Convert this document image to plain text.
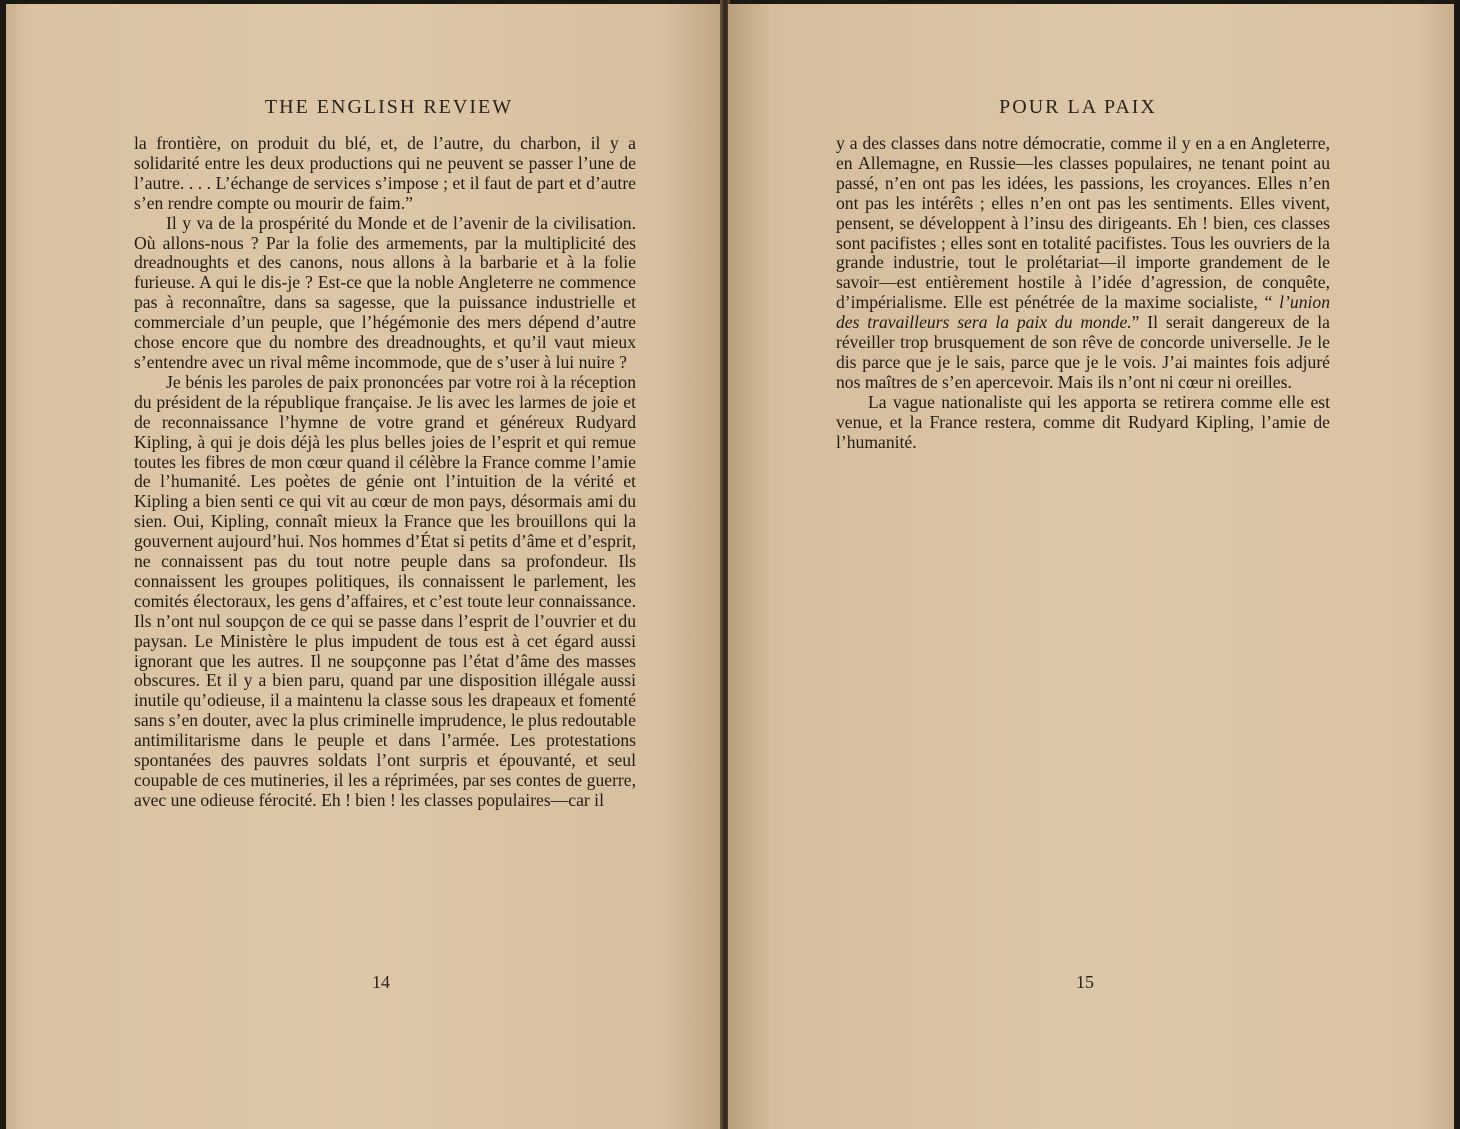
THE ENGLISH REVIEW

la frontière, on produit du blé, et, de l’autre, du charbon, il y a solidarité entre les deux productions qui ne peuvent se passer l’une de l’autre. . . . L’échange de services s’impose ; et il faut de part et d’autre s’en rendre compte ou mourir de faim.”

Il y va de la prospérité du Monde et de l’avenir de la civilisation. Où allons-nous ? Par la folie des armements, par la multiplicité des dreadnoughts et des canons, nous allons à la barbarie et à la folie furieuse. A qui le dis-je ? Est-ce que la noble Angleterre ne commence pas à reconnaître, dans sa sagesse, que la puissance industrielle et commerciale d’un peuple, que l’hégémonie des mers dépend d’autre chose encore que du nombre des dreadnoughts, et qu’il vaut mieux s’entendre avec un rival même incommode, que de s’user à lui nuire ?

Je bénis les paroles de paix prononcées par votre roi à la réception du président de la république française. Je lis avec les larmes de joie et de reconnaissance l’hymne de votre grand et généreux Rudyard Kipling, à qui je dois déjà les plus belles joies de l’esprit et qui remue toutes les fibres de mon cœur quand il célèbre la France comme l’amie de l’humanité. Les poètes de génie ont l’intuition de la vérité et Kipling a bien senti ce qui vit au cœur de mon pays, désormais ami du sien. Oui, Kipling, connaît mieux la France que les brouillons qui la gouvernent aujourd’hui. Nos hommes d’État si petits d’âme et d’esprit, ne connaissent pas du tout notre peuple dans sa profondeur. Ils connaissent les groupes politiques, ils connaissent le parlement, les comités électoraux, les gens d’affaires, et c’est toute leur connaissance. Ils n’ont nul soupçon de ce qui se passe dans l’esprit de l’ouvrier et du paysan. Le Ministère le plus impudent de tous est à cet égard aussi ignorant que les autres. Il ne soupçonne pas l’état d’âme des masses obscures. Et il y a bien paru, quand par une disposition illégale aussi inutile qu’odieuse, il a maintenu la classe sous les drapeaux et fomenté sans s’en douter, avec la plus criminelle imprudence, le plus redoutable antimilitarisme dans le peuple et dans l’armée. Les protestations spontanées des pauvres soldats l’ont surpris et épouvanté, et seul coupable de ces mutineries, il les a réprimées, par ses contes de guerre, avec une odieuse férocité. Eh ! bien ! les classes populaires—car il

14
POUR LA PAIX

y a des classes dans notre démocratie, comme il y en a en Angleterre, en Allemagne, en Russie—les classes populaires, ne tenant point au passé, n’en ont pas les idées, les passions, les croyances. Elles n’en ont pas les intérêts ; elles n’en ont pas les sentiments. Elles vivent, pensent, se développent à l’insu des dirigeants. Eh ! bien, ces classes sont pacifistes ; elles sont en totalité pacifistes. Tous les ouvriers de la grande industrie, tout le prolétariat—il importe grandement de le savoir—est entièrement hostile à l’idée d’agression, de conquête, d’impérialisme. Elle est pénétrée de la maxime socialiste, “ l’union des travailleurs sera la paix du monde.” Il serait dangereux de la réveiller trop brusquement de son rêve de concorde universelle. Je le dis parce que je le sais, parce que je le vois. J’ai maintes fois adjuré nos maîtres de s’en apercevoir. Mais ils n’ont ni cœur ni oreilles.

La vague nationaliste qui les apporta se retirera comme elle est venue, et la France restera, comme dit Rudyard Kipling, l’amie de l’humanité.

15
